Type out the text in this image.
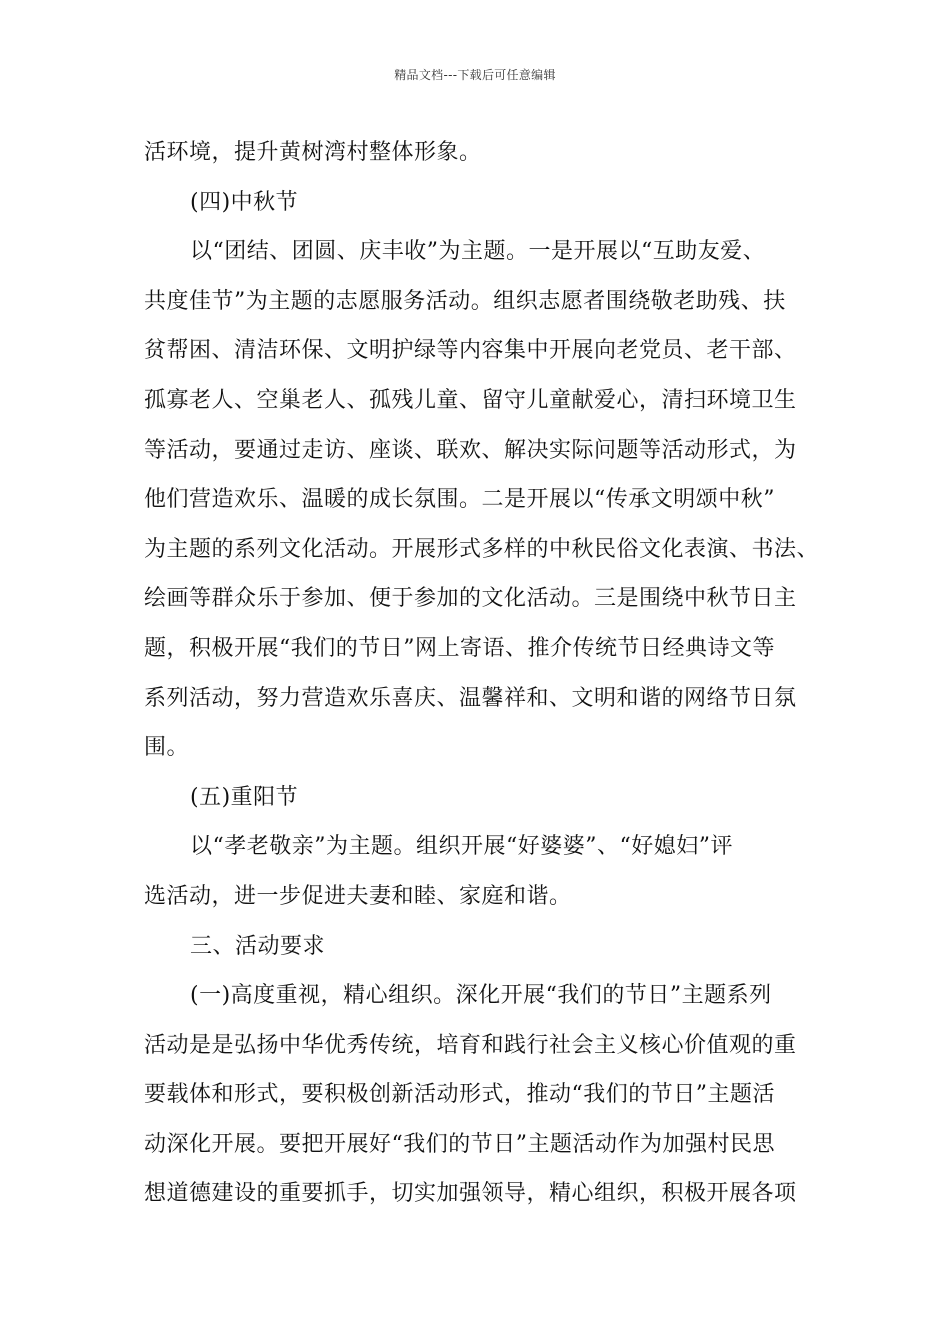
精品文档---下载后可任意编辑
活环境，提升黄树湾村整体形象。
(四)中秋节
以“团结、团圆、庆丰收”为主题。一是开展以“互助友爱、
共度佳节”为主题的志愿服务活动。组织志愿者围绕敬老助残、扶
贫帮困、清洁环保、文明护绿等内容集中开展向老党员、老干部、
孤寡老人、空巢老人、孤残儿童、留守儿童献爱心，清扫环境卫生
等活动，要通过走访、座谈、联欢、解决实际问题等活动形式，为
他们营造欢乐、温暖的成长氛围。二是开展以“传承文明颂中秋”
为主题的系列文化活动。开展形式多样的中秋民俗文化表演、书法、
绘画等群众乐于参加、便于参加的文化活动。三是围绕中秋节日主
题，积极开展“我们的节日”网上寄语、推介传统节日经典诗文等
系列活动，努力营造欢乐喜庆、温馨祥和、文明和谐的网络节日氛
围。
(五)重阳节
以“孝老敬亲”为主题。组织开展“好婆婆”、“好媳妇”评
选活动，进一步促进夫妻和睦、家庭和谐。
三、活动要求
(一)高度重视，精心组织。深化开展“我们的节日”主题系列
活动是是弘扬中华优秀传统，培育和践行社会主义核心价值观的重
要载体和形式，要积极创新活动形式，推动“我们的节日”主题活
动深化开展。要把开展好“我们的节日”主题活动作为加强村民思
想道德建设的重要抓手，切实加强领导，精心组织，积极开展各项
